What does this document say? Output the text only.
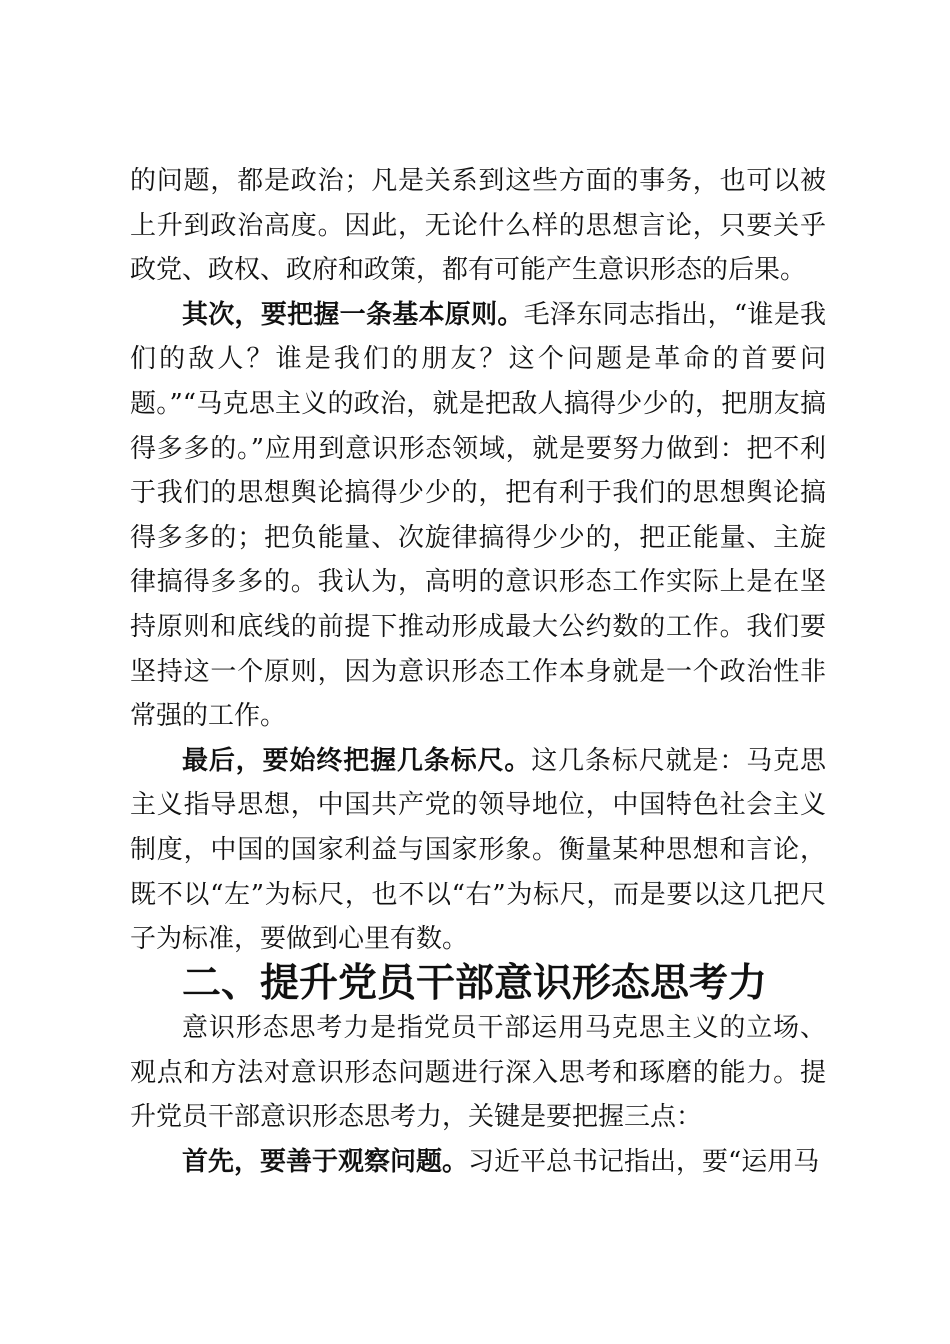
的问题，都是政治；凡是关系到这些方面的事务，也可以被上升到政治高度。因此，无论什么样的思想言论，只要关乎政党、政权、政府和政策，都有可能产生意识形态的后果。

其次，要把握一条基本原则。毛泽东同志指出，“谁是我们的敌人？谁是我们的朋友？这个问题是革命的首要问题。”“马克思主义的政治，就是把敌人搞得少少的，把朋友搞得多多的。”应用到意识形态领域，就是要努力做到：把不利于我们的思想舆论搞得少少的，把有利于我们的思想舆论搞得多多的；把负能量、次旋律搞得少少的，把正能量、主旋律搞得多多的。我认为，高明的意识形态工作实际上是在坚持原则和底线的前提下推动形成最大公约数的工作。我们要坚持这一个原则，因为意识形态工作本身就是一个政治性非常强的工作。

最后，要始终把握几条标尺。这几条标尺就是：马克思主义指导思想，中国共产党的领导地位，中国特色社会主义制度，中国的国家利益与国家形象。衡量某种思想和言论，既不以“左”为标尺，也不以“右”为标尺，而是要以这几把尺子为标准，要做到心里有数。

二、提升党员干部意识形态思考力

意识形态思考力是指党员干部运用马克思主义的立场、观点和方法对意识形态问题进行深入思考和琢磨的能力。提升党员干部意识形态思考力，关键是要把握三点：

首先，要善于观察问题。习近平总书记指出，要“运用马
